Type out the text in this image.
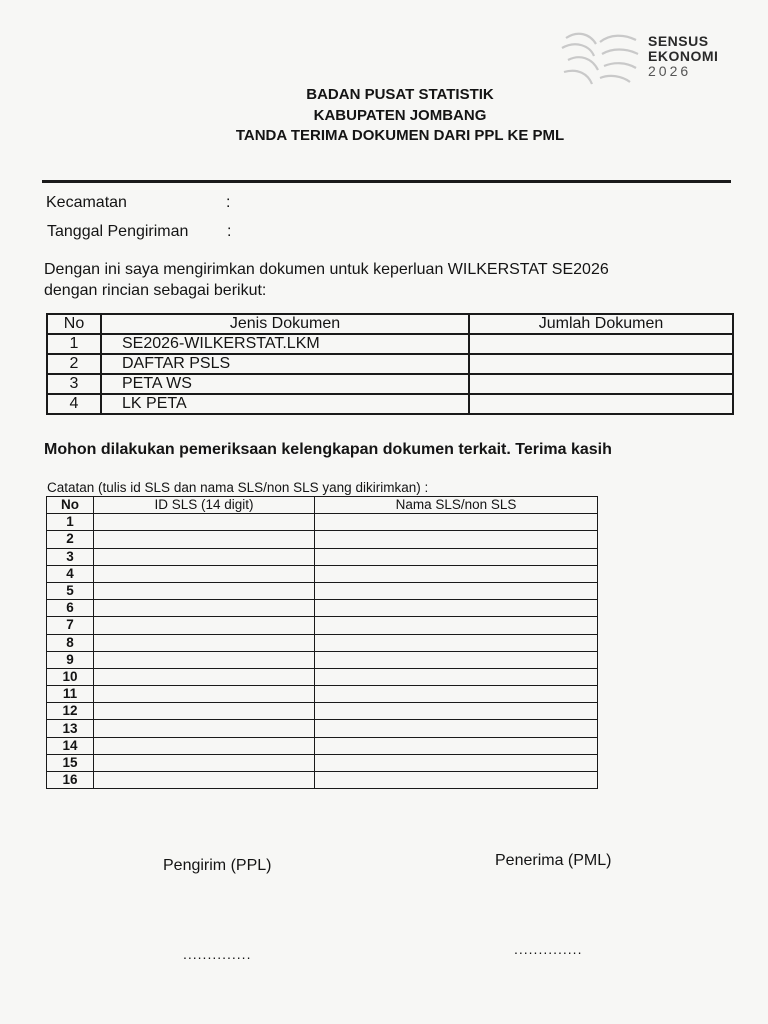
SENSUS
EKONOMI
2026
BADAN PUSAT STATISTIK
KABUPATEN JOMBANG
TANDA TERIMA DOKUMEN DARI PPL KE PML
Kecamatan	:
Tanggal Pengiriman :
Dengan ini saya mengirimkan dokumen untuk keperluan WILKERSTAT SE2026
dengan rincian sebagai berikut:
No	Jenis Dokumen	Jumlah Dokumen
1	SE2026-WILKERSTAT.LKM	
2	DAFTAR PSLS	
3	PETA WS	
4	LK PETA	
Mohon dilakukan pemeriksaan kelengkapan dokumen terkait. Terima kasih
Catatan (tulis id SLS dan nama SLS/non SLS yang dikirimkan) :
No	ID SLS (14 digit)	Nama SLS/non SLS
1		
2		
3		
4		
5		
6		
7		
8		
9		
10		
11		
12		
13		
14		
15		
16		
Pengirim (PPL)	Penerima (PML)
..............	..............
